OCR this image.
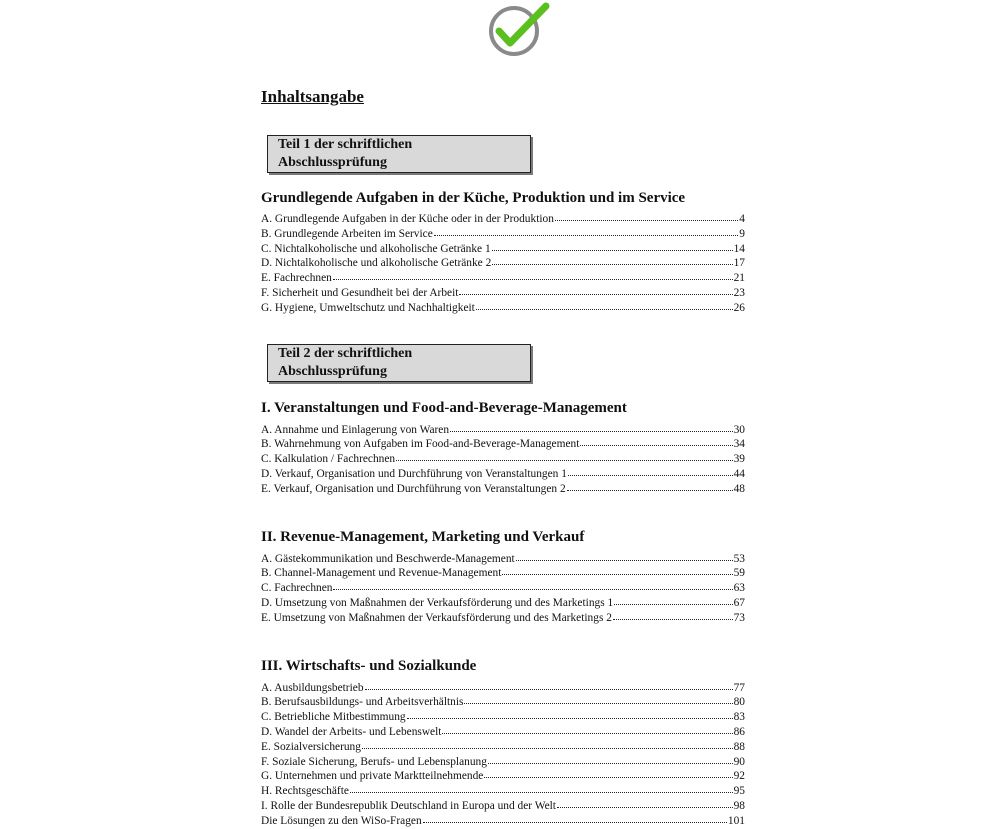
Inhaltsangabe
Teil 1 der schriftlichen Abschlussprüfung
Grundlegende Aufgaben in der Küche, Produktion und im Service
A. Grundlegende Aufgaben in der Küche oder in der Produktion	4
B. Grundlegende Arbeiten im Service	9
C. Nichtalkoholische und alkoholische Getränke 1	14
D. Nichtalkoholische und alkoholische Getränke 2	17
E. Fachrechnen	21
F. Sicherheit und Gesundheit bei der Arbeit	23
G. Hygiene, Umweltschutz und Nachhaltigkeit	26
Teil 2 der schriftlichen Abschlussprüfung
I. Veranstaltungen und Food-and-Beverage-Management
A. Annahme und Einlagerung von Waren	30
B. Wahrnehmung von Aufgaben im Food-and-Beverage-Management	34
C. Kalkulation / Fachrechnen	39
D. Verkauf, Organisation und Durchführung von Veranstaltungen 1	44
E. Verkauf, Organisation und Durchführung von Veranstaltungen 2	48
II. Revenue-Management, Marketing und Verkauf
A. Gästekommunikation und Beschwerde-Management	53
B. Channel-Management und Revenue-Management	59
C. Fachrechnen	63
D. Umsetzung von Maßnahmen der Verkaufsförderung und des Marketings 1	67
E. Umsetzung von Maßnahmen der Verkaufsförderung und des Marketings 2	73
III. Wirtschafts- und Sozialkunde
A. Ausbildungsbetrieb	77
B. Berufsausbildungs- und Arbeitsverhältnis	80
C. Betriebliche Mitbestimmung	83
D. Wandel der Arbeits- und Lebenswelt	86
E. Sozialversicherung	88
F. Soziale Sicherung, Berufs- und Lebensplanung	90
G. Unternehmen und private Marktteilnehmende	92
H. Rechtsgeschäfte	95
I. Rolle der Bundesrepublik Deutschland in Europa und der Welt	98
Die Lösungen zu den WiSo-Fragen	101
